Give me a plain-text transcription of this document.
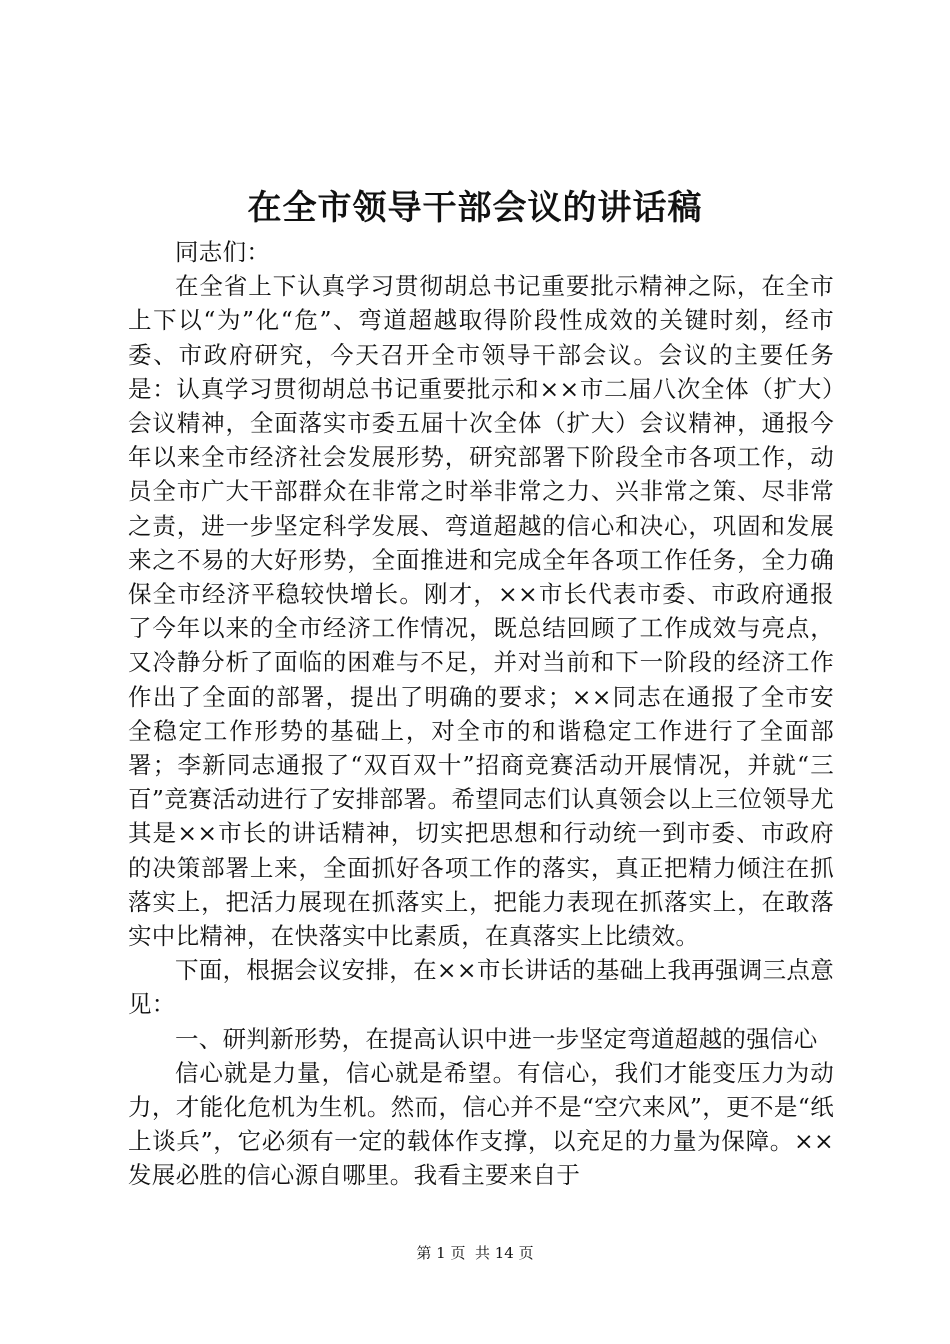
在全市领导干部会议的讲话稿

同志们：

在全省上下认真学习贯彻胡总书记重要批示精神之际，在全市上下以“为”化“危”、弯道超越取得阶段性成效的关键时刻，经市委、市政府研究，今天召开全市领导干部会议。会议的主要任务是：认真学习贯彻胡总书记重要批示和××市二届八次全体（扩大）会议精神，全面落实市委五届十次全体（扩大）会议精神，通报今年以来全市经济社会发展形势，研究部署下阶段全市各项工作，动员全市广大干部群众在非常之时举非常之力、兴非常之策、尽非常之责，进一步坚定科学发展、弯道超越的信心和决心，巩固和发展来之不易的大好形势，全面推进和完成全年各项工作任务，全力确保全市经济平稳较快增长。刚才，××市长代表市委、市政府通报了今年以来的全市经济工作情况，既总结回顾了工作成效与亮点，又冷静分析了面临的困难与不足，并对当前和下一阶段的经济工作作出了全面的部署，提出了明确的要求；××同志在通报了全市安全稳定工作形势的基础上，对全市的和谐稳定工作进行了全面部署；李新同志通报了“双百双十”招商竞赛活动开展情况，并就“三百”竞赛活动进行了安排部署。希望同志们认真领会以上三位领导尤其是××市长的讲话精神，切实把思想和行动统一到市委、市政府的决策部署上来，全面抓好各项工作的落实，真正把精力倾注在抓落实上，把活力展现在抓落实上，把能力表现在抓落实上，在敢落实中比精神，在快落实中比素质，在真落实上比绩效。

下面，根据会议安排，在××市长讲话的基础上我再强调三点意见：

一、研判新形势，在提高认识中进一步坚定弯道超越的强信心

信心就是力量，信心就是希望。有信心，我们才能变压力为动力，才能化危机为生机。然而，信心并不是“空穴来风”，更不是“纸上谈兵”，它必须有一定的载体作支撑，以充足的力量为保障。××发展必胜的信心源自哪里。我看主要来自于

第 1 页  共 14 页
